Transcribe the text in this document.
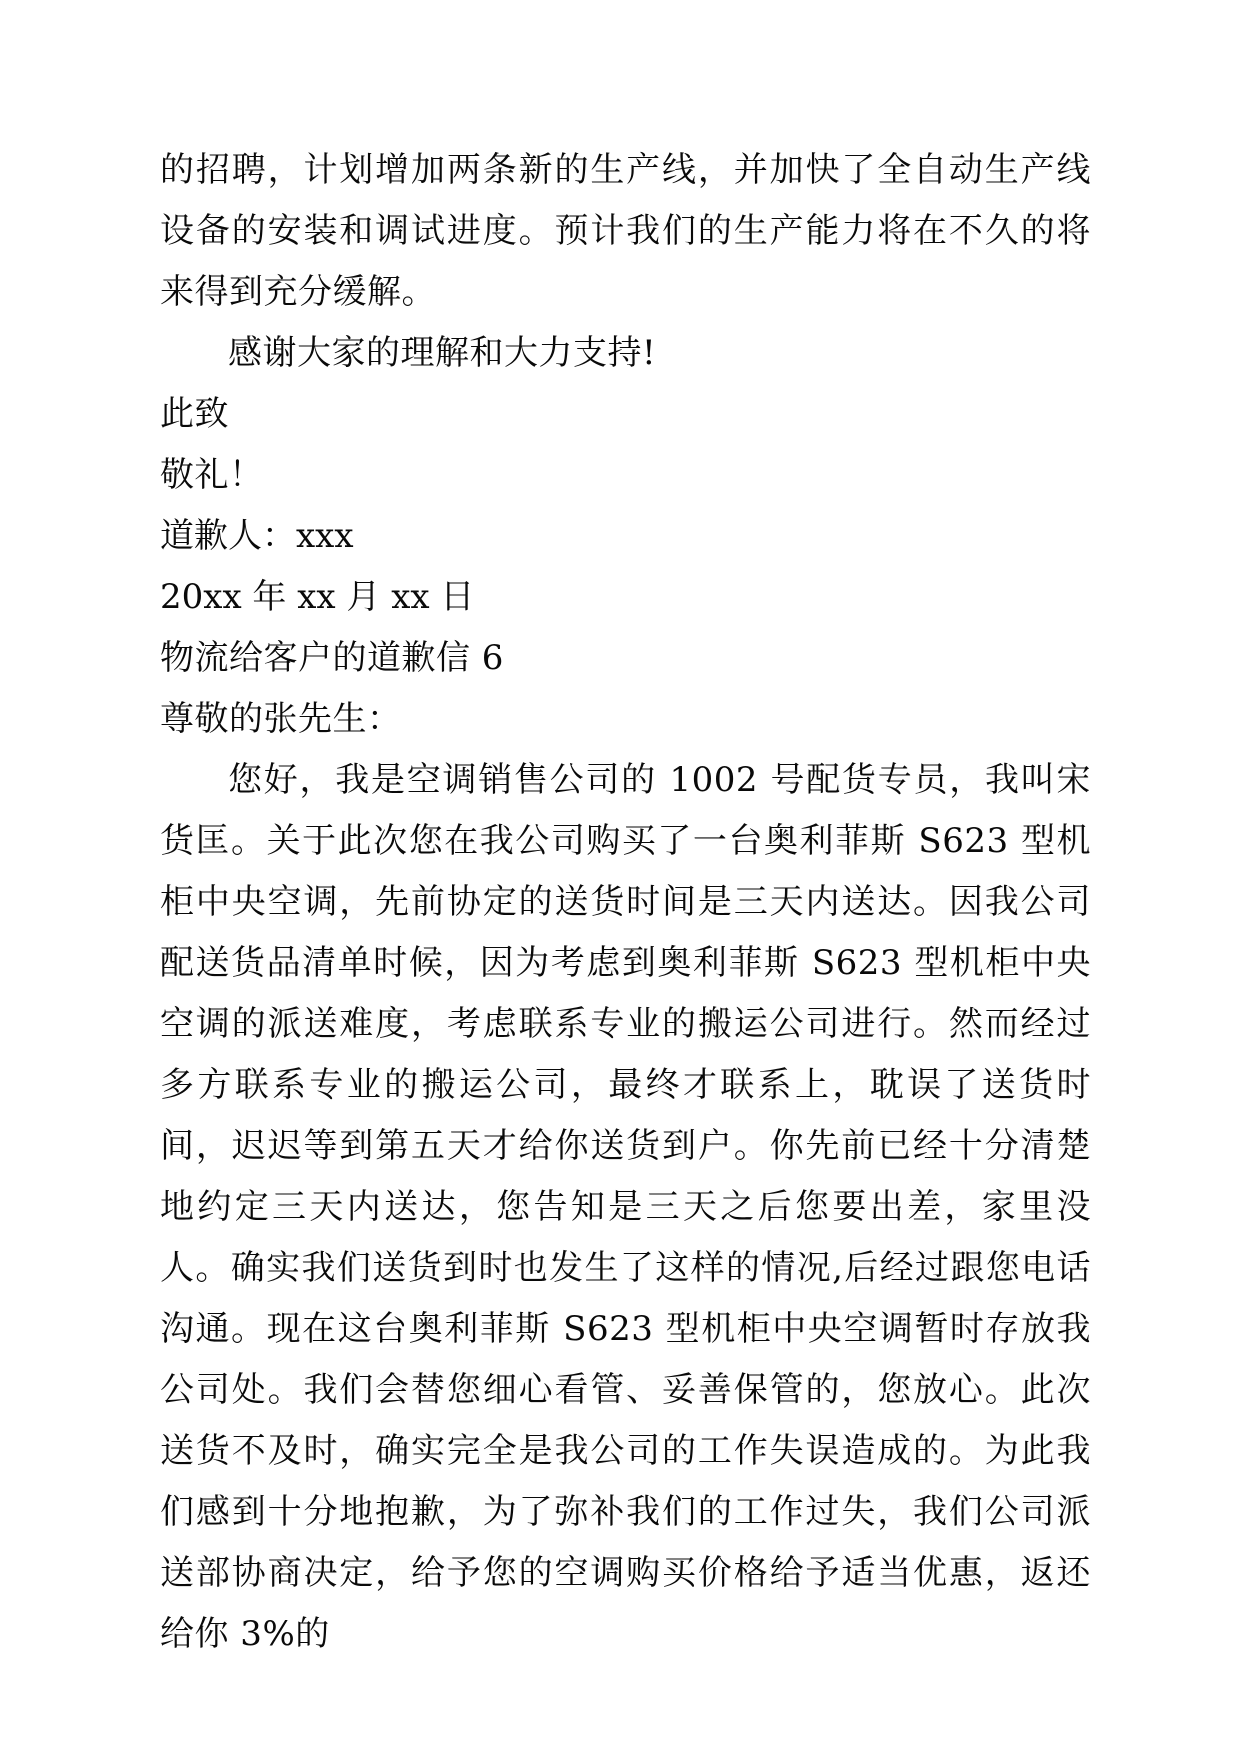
的招聘，计划增加两条新的生产线，并加快了全自动生产线设备的安装和调试进度。预计我们的生产能力将在不久的将来得到充分缓解。

感谢大家的理解和大力支持!

此致

敬礼！

道歉人：xxx

20xx 年 xx 月 xx 日

物流给客户的道歉信 6

尊敬的张先生：

您好，我是空调销售公司的 1002 号配货专员，我叫宋货匡。关于此次您在我公司购买了一台奥利菲斯 S623 型机柜中央空调，先前协定的送货时间是三天内送达。因我公司配送货品清单时候，因为考虑到奥利菲斯 S623 型机柜中央空调的派送难度，考虑联系专业的搬运公司进行。然而经过多方联系专业的搬运公司，最终才联系上，耽误了送货时间，迟迟等到第五天才给你送货到户。你先前已经十分清楚地约定三天内送达，您告知是三天之后您要出差，家里没人。确实我们送货到时也发生了这样的情况,后经过跟您电话沟通。现在这台奥利菲斯 S623 型机柜中央空调暂时存放我公司处。我们会替您细心看管、妥善保管的，您放心。此次送货不及时，确实完全是我公司的工作失误造成的。为此我们感到十分地抱歉，为了弥补我们的工作过失，我们公司派送部协商决定，给予您的空调购买价格给予适当优惠，返还给你 3%的
